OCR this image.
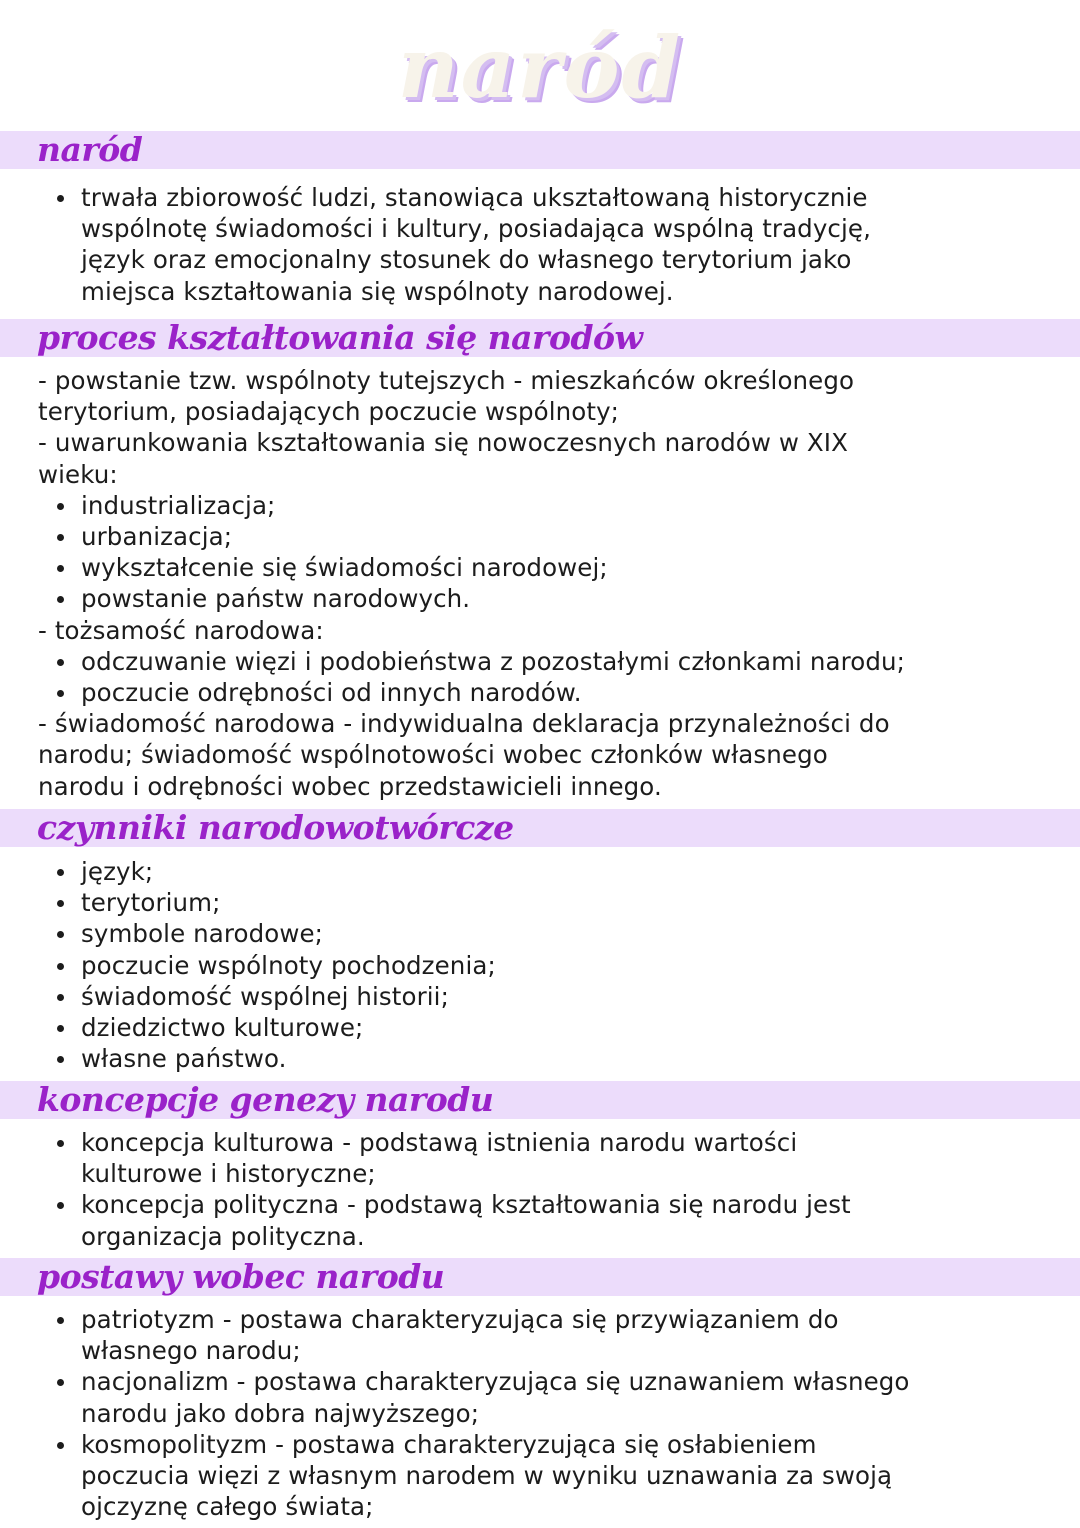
naród
naród
trwała zbiorowość ludzi, stanowiąca ukształtowaną historycznie
wspólnotę świadomości i kultury, posiadająca wspólną tradycję,
język oraz emocjonalny stosunek do własnego terytorium jako
miejsca kształtowania się wspólnoty narodowej.
proces kształtowania się narodów
- powstanie tzw. wspólnoty tutejszych - mieszkańców określonego
terytorium, posiadających poczucie wspólnoty;
- uwarunkowania kształtowania się nowoczesnych narodów w XIX
wieku:
industrializacja;
urbanizacja;
wykształcenie się świadomości narodowej;
powstanie państw narodowych.
- tożsamość narodowa:
odczuwanie więzi i podobieństwa z pozostałymi członkami narodu;
poczucie odrębności od innych narodów.
- świadomość narodowa - indywidualna deklaracja przynależności do
narodu; świadomość wspólnotowości wobec członków własnego
narodu i odrębności wobec przedstawicieli innego.
czynniki narodowotwórcze
język;
terytorium;
symbole narodowe;
poczucie wspólnoty pochodzenia;
świadomość wspólnej historii;
dziedzictwo kulturowe;
własne państwo.
koncepcje genezy narodu
koncepcja kulturowa - podstawą istnienia narodu wartości
kulturowe i historyczne;
koncepcja polityczna - podstawą kształtowania się narodu jest
organizacja polityczna.
postawy wobec narodu
patriotyzm - postawa charakteryzująca się przywiązaniem do
własnego narodu;
nacjonalizm - postawa charakteryzująca się uznawaniem własnego
narodu jako dobra najwyższego;
kosmopolityzm - postawa charakteryzująca się osłabieniem
poczucia więzi z własnym narodem w wyniku uznawania za swoją
ojczyznę całego świata;
